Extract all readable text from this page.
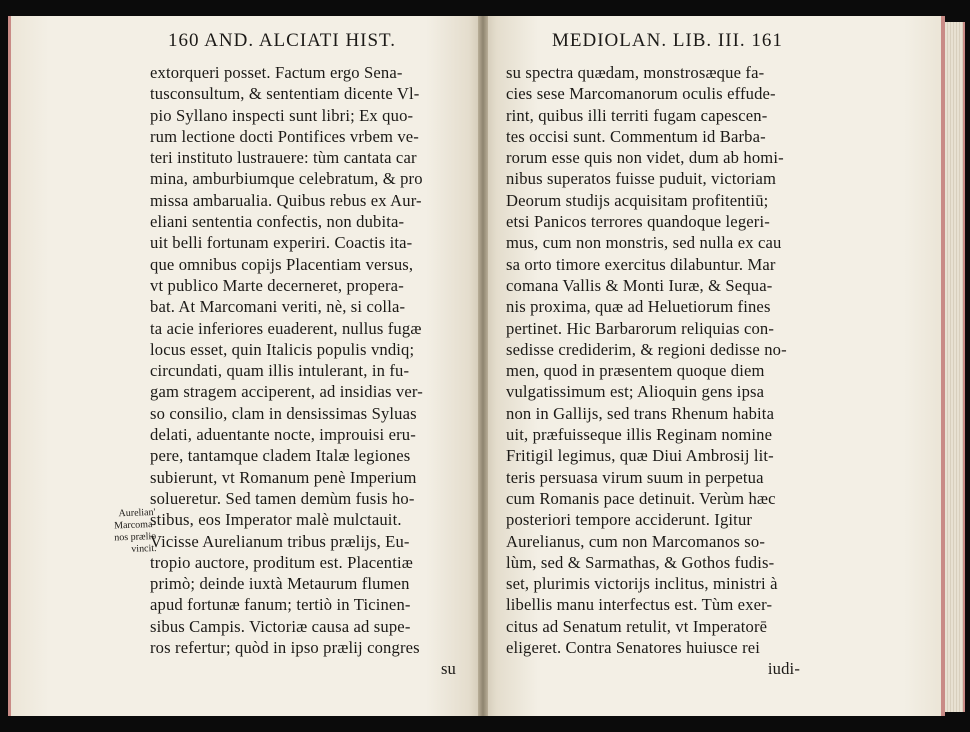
160 AND. ALCIATI HIST.	MEDIOLAN. LIB. III. 161
extorqueri posset. Factum ergo Sena-
tusconsultum, & sententiam dicente Vl-
pio Syllano inspecti sunt libri; Ex quo-
rum lectione docti Pontifices vrbem ve-
teri instituto lustrauere: tùm cantata car
mina, amburbiumque celebratum, & pro
missa ambarualia. Quibus rebus ex Aur-
eliani sententia confectis, non dubita-
uit belli fortunam experiri. Coactis ita-
que omnibus copijs Placentiam versus,
vt publico Marte decerneret, propera-
bat. At Marcomani veriti, nè, si colla-
ta acie inferiores euaderent, nullus fugæ
locus esset, quin Italicis populis vndiq;
circundati, quam illis intulerant, in fu-
gam stragem acciperent, ad insidias ver-
so consilio, clam in densissimas Syluas
delati, aduentante nocte, improuisi eru-
pere, tantamque cladem Italæ legiones
subierunt, vt Romanum penè Imperium
solueretur. Sed tamen demùm fusis ho-
stibus, eos Imperator malè mulctauit.
Vicisse Aurelianum tribus prælijs, Eu-
tropio auctore, proditum est. Placentiæ
primò; deinde iuxtà Metaurum flumen
apud fortunæ fanum; tertiò in Ticinen-
sibus Campis. Victoriæ causa ad supe-
ros refertur; quòd in ipso prælij congres
su
Aurelian'
Marcoma-
nos prælio
vincit.
su spectra quædam, monstrosæque fa-
cies sese Marcomanorum oculis effude-
rint, quibus illi territi fugam capescen-
tes occisi sunt. Commentum id Barba-
rorum esse quis non videt, dum ab homi-
nibus superatos fuisse puduit, victoriam
Deorum studijs acquisitam profitentiū;
etsi Panicos terrores quandoque legeri-
mus, cum non monstris, sed nulla ex cau
sa orto timore exercitus dilabuntur. Mar
comana Vallis & Monti Iuræ, & Sequa-
nis proxima, quæ ad Heluetiorum fines
pertinet. Hic Barbarorum reliquias con-
sedisse crediderim, & regioni dedisse no-
men, quod in præsentem quoque diem
vulgatissimum est; Alioquin gens ipsa
non in Gallijs, sed trans Rhenum habita
uit, præfuisseque illis Reginam nomine
Fritigil legimus, quæ Diui Ambrosij lit-
teris persuasa virum suum in perpetua
cum Romanis pace detinuit. Verùm hæc
posteriori tempore acciderunt. Igitur
Aurelianus, cum non Marcomanos so-
lùm, sed & Sarmathas, & Gothos fudis-
set, plurimis victorijs inclitus, ministri à
libellis manu interfectus est. Tùm exer-
citus ad Senatum retulit, vt Imperatorē
eligeret. Contra Senatores huiusce rei
iudi-
